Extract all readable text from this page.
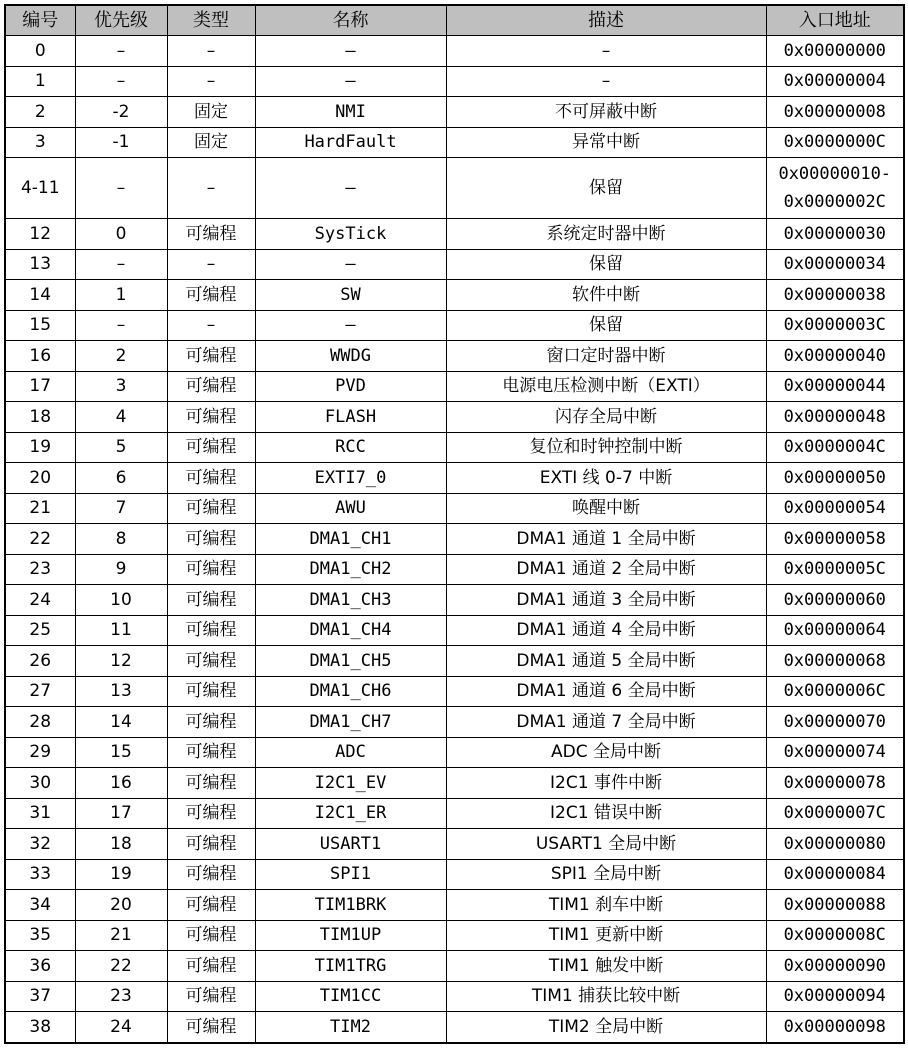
编号	优先级	类型	名称	描述	入口地址
0	–	–	–	–	0x00000000

1	–	–	–	–	0x00000004

2	-2	固定	NMI	不可屏蔽中断	0x00000008

3	-1	固定	HardFault	异常中断	0x0000000C

4-11	–	–	–	保留	0x00000010-
0x0000002C

12	0	可编程	SysTick	系统定时器中断	0x00000030

13	–	–	–	保留	0x00000034

14	1	可编程	SW	软件中断	0x00000038

15	–	–	–	保留	0x0000003C

16	2	可编程	WWDG	窗口定时器中断	0x00000040

17	3	可编程	PVD	电源电压检测中断（EXTI）	0x00000044

18	4	可编程	FLASH	闪存全局中断	0x00000048

19	5	可编程	RCC	复位和时钟控制中断	0x0000004C

20	6	可编程	EXTI7_0	EXTI 线 0-7 中断	0x00000050

21	7	可编程	AWU	唤醒中断	0x00000054

22	8	可编程	DMA1_CH1	DMA1 通道 1 全局中断	0x00000058

23	9	可编程	DMA1_CH2	DMA1 通道 2 全局中断	0x0000005C

24	10	可编程	DMA1_CH3	DMA1 通道 3 全局中断	0x00000060

25	11	可编程	DMA1_CH4	DMA1 通道 4 全局中断	0x00000064

26	12	可编程	DMA1_CH5	DMA1 通道 5 全局中断	0x00000068

27	13	可编程	DMA1_CH6	DMA1 通道 6 全局中断	0x0000006C

28	14	可编程	DMA1_CH7	DMA1 通道 7 全局中断	0x00000070

29	15	可编程	ADC	ADC 全局中断	0x00000074

30	16	可编程	I2C1_EV	I2C1 事件中断	0x00000078

31	17	可编程	I2C1_ER	I2C1 错误中断	0x0000007C

32	18	可编程	USART1	USART1 全局中断	0x00000080

33	19	可编程	SPI1	SPI1 全局中断	0x00000084

34	20	可编程	TIM1BRK	TIM1 刹车中断	0x00000088

35	21	可编程	TIM1UP	TIM1 更新中断	0x0000008C

36	22	可编程	TIM1TRG	TIM1 触发中断	0x00000090

37	23	可编程	TIM1CC	TIM1 捕获比较中断	0x00000094

38	24	可编程	TIM2	TIM2 全局中断	0x00000098
